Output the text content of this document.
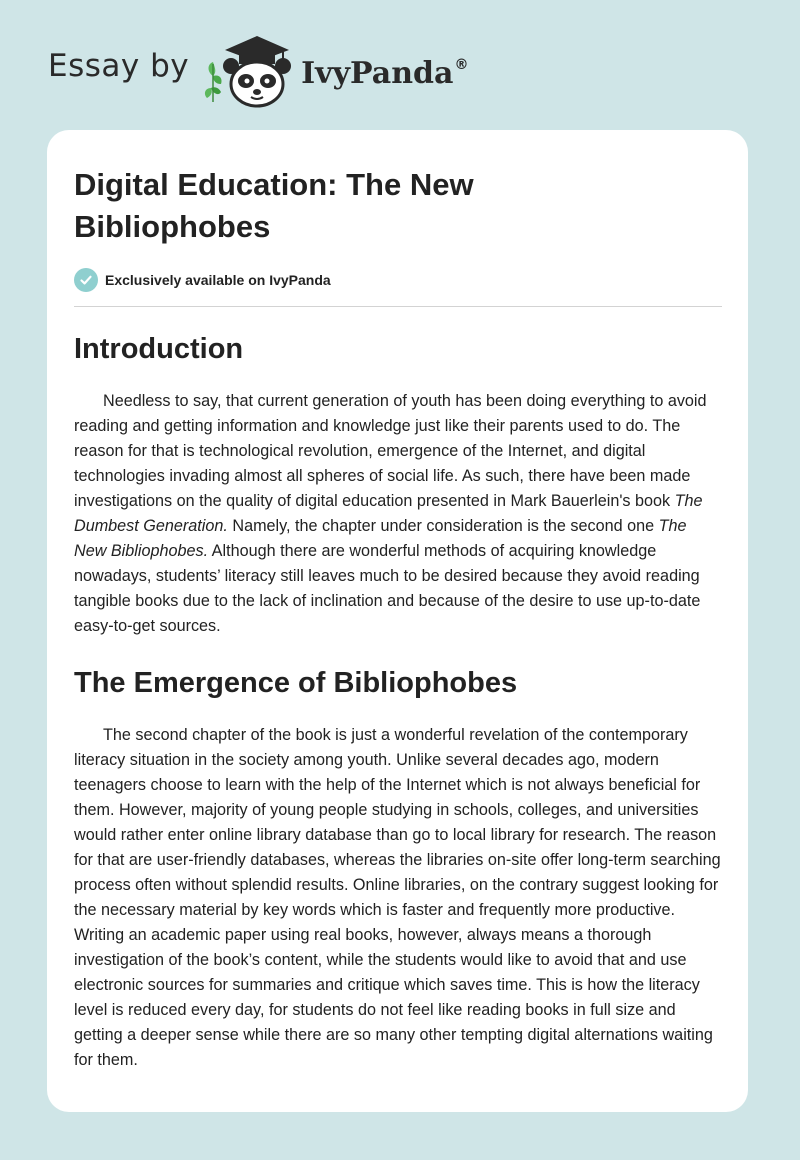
Essay by	IvyPanda®
Digital Education: The New Bibliophobes
Exclusively available on IvyPanda
Introduction

Needless to say, that current generation of youth has been doing everything to avoid reading and getting information and knowledge just like their parents used to do. The reason for that is technological revolution, emergence of the Internet, and digital technologies invading almost all spheres of social life. As such, there have been made investigations on the quality of digital education presented in Mark Bauerlein's book The Dumbest Generation. Namely, the chapter under consideration is the second one The New Bibliophobes. Although there are wonderful methods of acquiring knowledge nowadays, students’ literacy still leaves much to be desired because they avoid reading tangible books due to the lack of inclination and because of the desire to use up-to-date easy-to-get sources.

The Emergence of Bibliophobes

The second chapter of the book is just a wonderful revelation of the contemporary literacy situation in the society among youth. Unlike several decades ago, modern teenagers choose to learn with the help of the Internet which is not always beneficial for them. However, majority of young people studying in schools, colleges, and universities would rather enter online library database than go to local library for research. The reason for that are user-friendly databases, whereas the libraries on-site offer long-term searching process often without splendid results. Online libraries, on the contrary suggest looking for the necessary material by key words which is faster and frequently more productive. Writing an academic paper using real books, however, always means a thorough investigation of the book’s content, while the students would like to avoid that and use electronic sources for summaries and critique which saves time. This is how the literacy level is reduced every day, for students do not feel like reading books in full size and getting a deeper sense while there are so many other tempting digital alternations waiting for them.
